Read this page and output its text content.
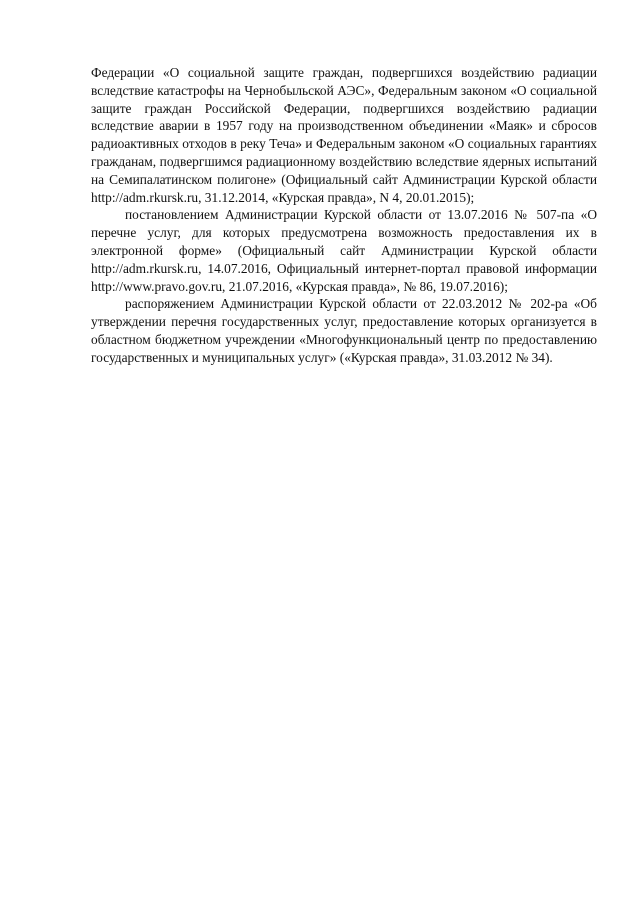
Федерации «О социальной защите граждан, подвергшихся воздействию радиации вследствие катастрофы на Чернобыльской АЭС», Федеральным законом «О социальной защите граждан Российской Федерации, подвергшихся воздействию радиации вследствие аварии в 1957 году на производственном объединении «Маяк» и сбросов радиоактивных отходов в реку Теча» и Федеральным законом «О социальных гарантиях гражданам, подвергшимся радиационному воздействию вследствие ядерных испытаний на Семипалатинском полигоне» (Официальный сайт Администрации Курской области http://adm.rkursk.ru, 31.12.2014, «Курская правда», N 4, 20.01.2015);

постановлением Администрации Курской области от 13.07.2016 № 507-па «О перечне услуг, для которых предусмотрена возможность предоставления их в электронной форме» (Официальный сайт Администрации Курской области http://adm.rkursk.ru, 14.07.2016, Официальный интернет-портал правовой информации http://www.pravo.gov.ru, 21.07.2016, «Курская правда», № 86, 19.07.2016);

распоряжением Администрации Курской области от 22.03.2012 № 202-ра «Об утверждении перечня государственных услуг, предоставление которых организуется в областном бюджетном учреждении «Многофункциональный центр по предоставлению государственных и муниципальных услуг» («Курская правда», 31.03.2012 № 34).
